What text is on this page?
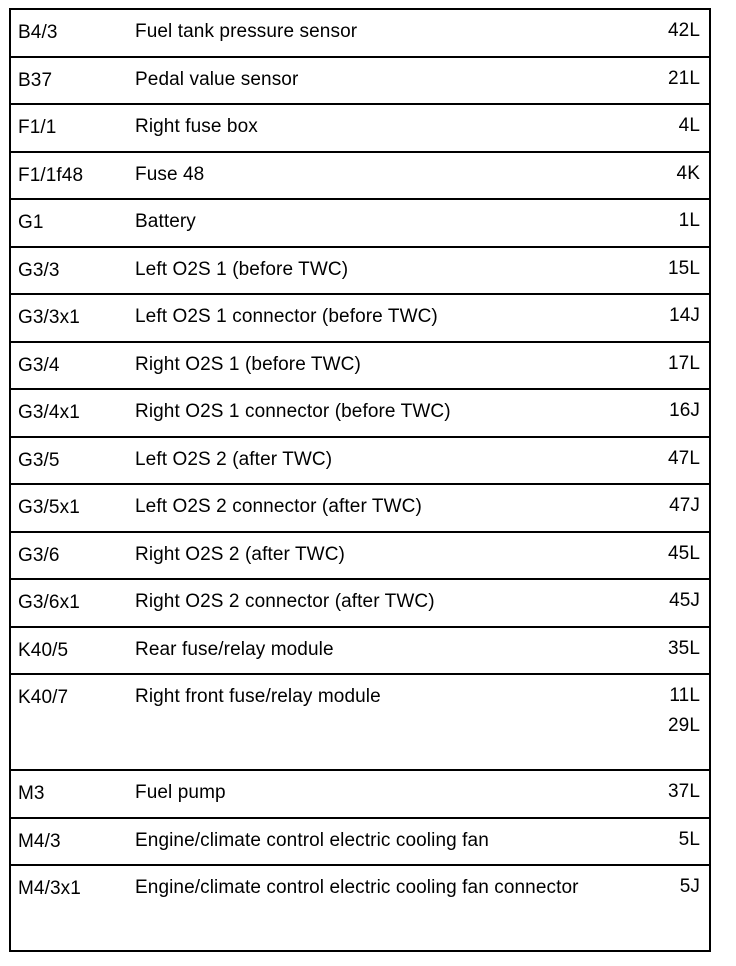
B4/3	Fuel tank pressure sensor	42L
B37	Pedal value sensor	21L
F1/1	Right fuse box	4L
F1/1f48	Fuse 48	4K
G1	Battery	1L
G3/3	Left O2S 1 (before TWC)	15L
G3/3x1	Left O2S 1 connector (before TWC)	14J
G3/4	Right O2S 1 (before TWC)	17L
G3/4x1	Right O2S 1 connector (before TWC)	16J
G3/5	Left O2S 2 (after TWC)	47L
G3/5x1	Left O2S 2 connector (after TWC)	47J
G3/6	Right O2S 2 (after TWC)	45L
G3/6x1	Right O2S 2 connector (after TWC)	45J
K40/5	Rear fuse/relay module	35L
K40/7	Right front fuse/relay module	11L
29L
M3	Fuel pump	37L
M4/3	Engine/climate control electric cooling fan	5L
M4/3x1	Engine/climate control electric cooling fan connector	5J
